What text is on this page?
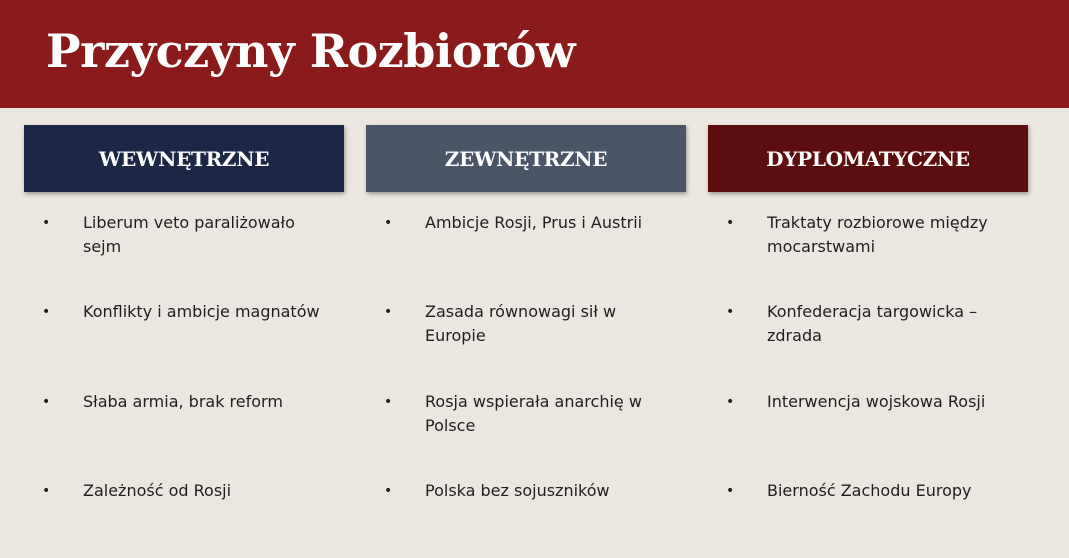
Przyczyny Rozbiorów
WEWNĘTRZNE
• Liberum veto paraliżowało sejm
• Konflikty i ambicje magnatów
• Słaba armia, brak reform
• Zależność od Rosji
ZEWNĘTRZNE
• Ambicje Rosji, Prus i Austrii
• Zasada równowagi sił w Europie
• Rosja wspierała anarchię w Polsce
• Polska bez sojuszników
DYPLOMATYCZNE
• Traktaty rozbiorowe między mocarstwami
• Konfederacja targowicka – zdrada
• Interwencja wojskowa Rosji
• Bierność Zachodu Europy
